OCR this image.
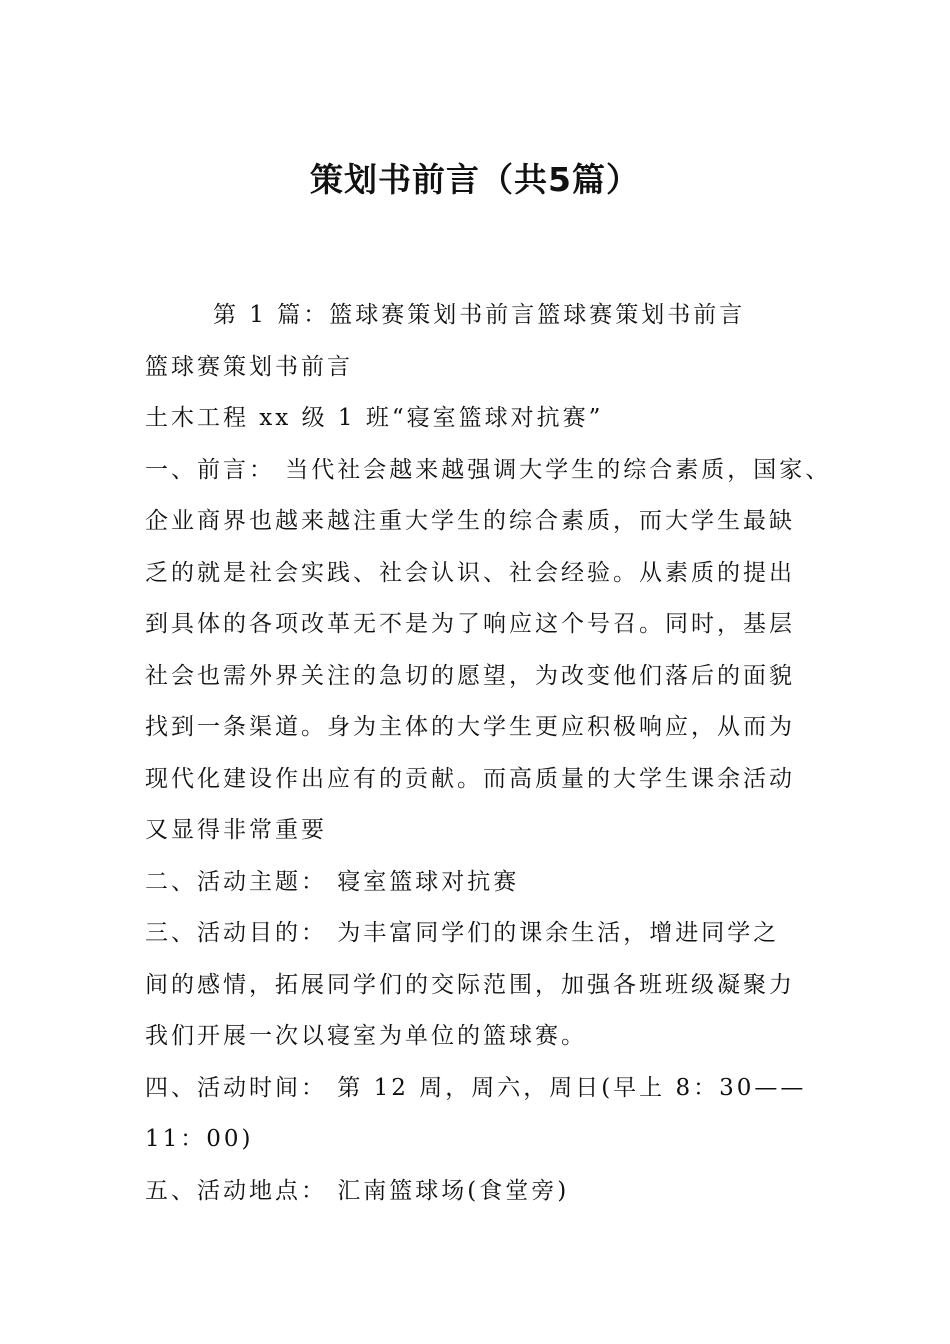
策划书前言（共5篇）
第 1 篇：篮球赛策划书前言篮球赛策划书前言
篮球赛策划书前言
土木工程 xx 级 1 班“寝室篮球对抗赛”
一、前言： 当代社会越来越强调大学生的综合素质，国家、
企业商界也越来越注重大学生的综合素质，而大学生最缺
乏的就是社会实践、社会认识、社会经验。从素质的提出
到具体的各项改革无不是为了响应这个号召。同时，基层
社会也需外界关注的急切的愿望，为改变他们落后的面貌
找到一条渠道。身为主体的大学生更应积极响应，从而为
现代化建设作出应有的贡献。而高质量的大学生课余活动
又显得非常重要
二、活动主题： 寝室篮球对抗赛
三、活动目的： 为丰富同学们的课余生活，增进同学之
间的感情，拓展同学们的交际范围，加强各班班级凝聚力
我们开展一次以寝室为单位的篮球赛。
四、活动时间： 第 12 周，周六，周日(早上 8：30——
11：00)
五、活动地点： 汇南篮球场(食堂旁)
